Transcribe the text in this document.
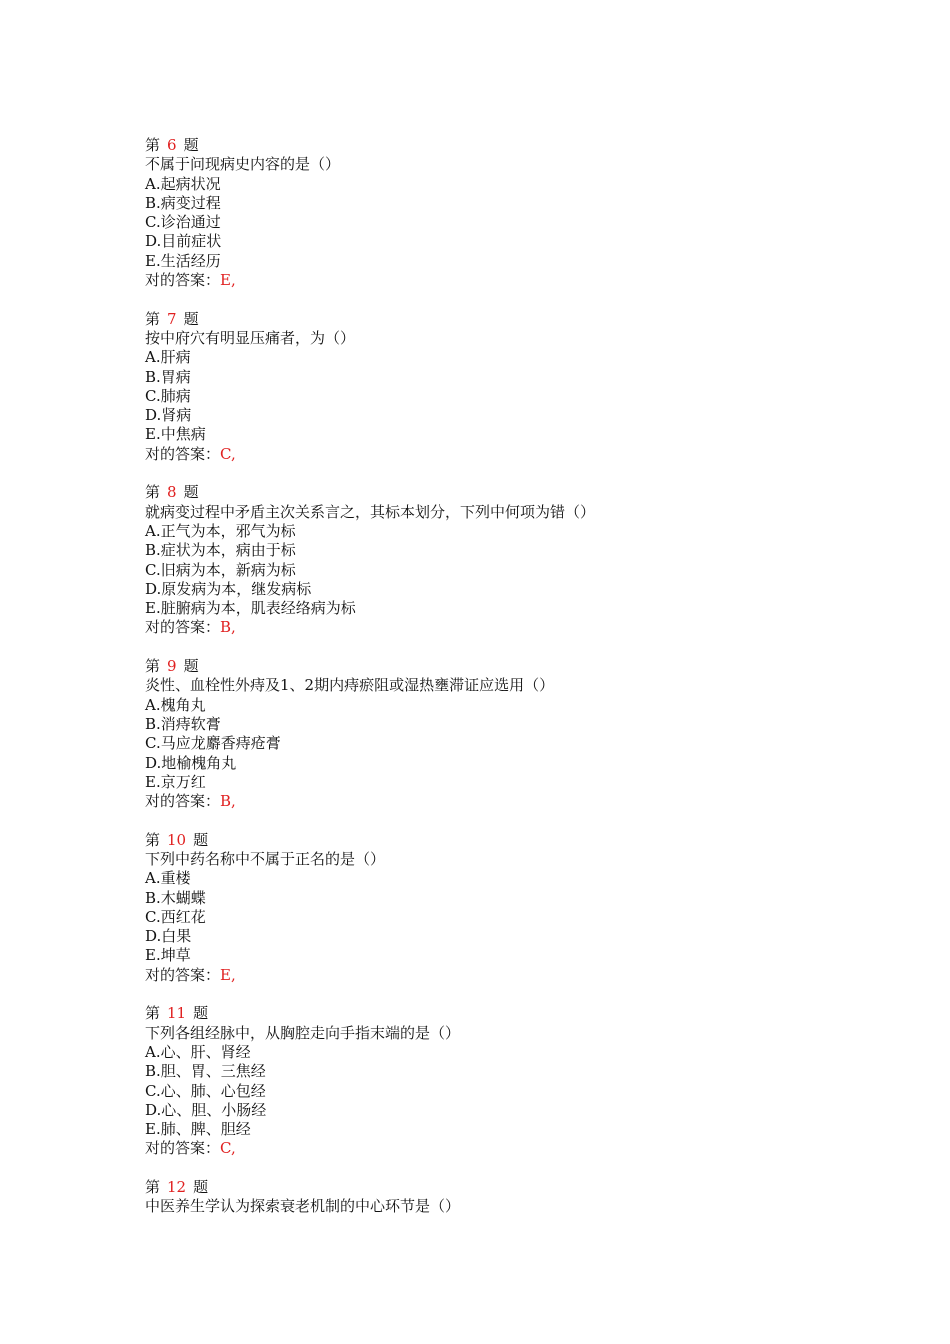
第 6 题
不属于问现病史内容的是（）
A.起病状况
B.病变过程
C.诊治通过
D.目前症状
E.生活经历
对的答案：E,
第 7 题
按中府穴有明显压痛者，为（）
A.肝病
B.胃病
C.肺病
D.肾病
E.中焦病
对的答案：C,
第 8 题
就病变过程中矛盾主次关系言之，其标本划分，下列中何项为错（）
A.正气为本，邪气为标
B.症状为本，病由于标
C.旧病为本，新病为标
D.原发病为本，继发病标
E.脏腑病为本，肌表经络病为标
对的答案：B,
第 9 题
炎性、血栓性外痔及1、2期内痔瘀阻或湿热壅滞证应选用（）
A.槐角丸
B.消痔软膏
C.马应龙麝香痔疮膏
D.地榆槐角丸
E.京万红
对的答案：B,
第 10 题
下列中药名称中不属于正名的是（）
A.重楼
B.木蝴蝶
C.西红花
D.白果
E.坤草
对的答案：E,
第 11 题
下列各组经脉中，从胸腔走向手指末端的是（）
A.心、肝、肾经
B.胆、胃、三焦经
C.心、肺、心包经
D.心、胆、小肠经
E.肺、脾、胆经
对的答案：C,
第 12 题
中医养生学认为探索衰老机制的中心环节是（）
